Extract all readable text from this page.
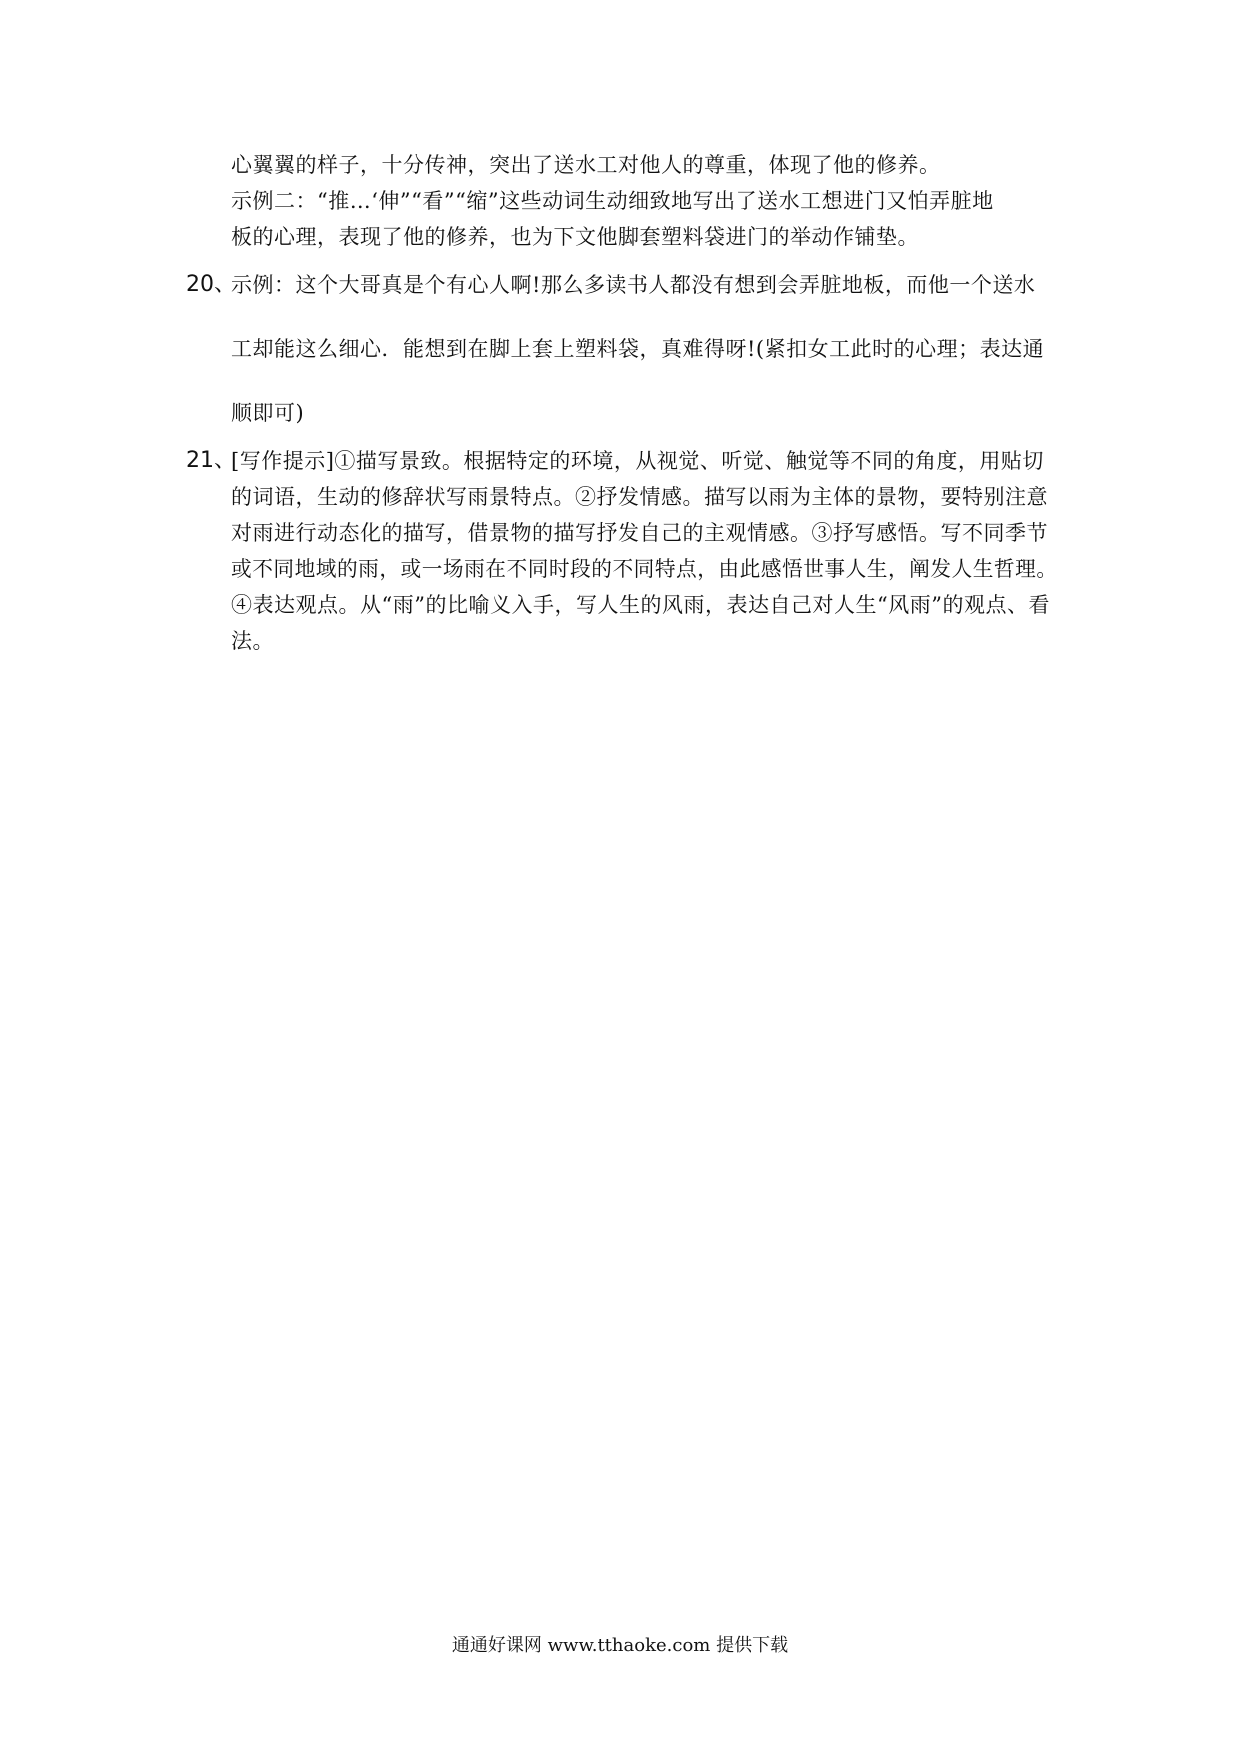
心翼翼的样子，十分传神，突出了送水工对他人的尊重，体现了他的修养。
示例二：“推…‘伸”“看”“缩”这些动词生动细致地写出了送水工想进门又怕弄脏地
板的心理，表现了他的修养，也为下文他脚套塑料袋进门的举动作铺垫。
20、
示例：这个大哥真是个有心人啊!那么多读书人都没有想到会弄脏地板，而他一个送水
工却能这么细心．能想到在脚上套上塑料袋，真难得呀!(紧扣女工此时的心理；表达通
顺即可)
21、
[写作提示]①描写景致。根据特定的环境，从视觉、听觉、触觉等不同的角度，用贴切
的词语，生动的修辞状写雨景特点。②抒发情感。描写以雨为主体的景物，要特别注意
对雨进行动态化的描写，借景物的描写抒发自己的主观情感。③抒写感悟。写不同季节
或不同地域的雨，或一场雨在不同时段的不同特点，由此感悟世事人生，阐发人生哲理。
④表达观点。从“雨”的比喻义入手，写人生的风雨，表达自己对人生“风雨”的观点、看
法。
通通好课网 www.tthaoke.com 提供下载
